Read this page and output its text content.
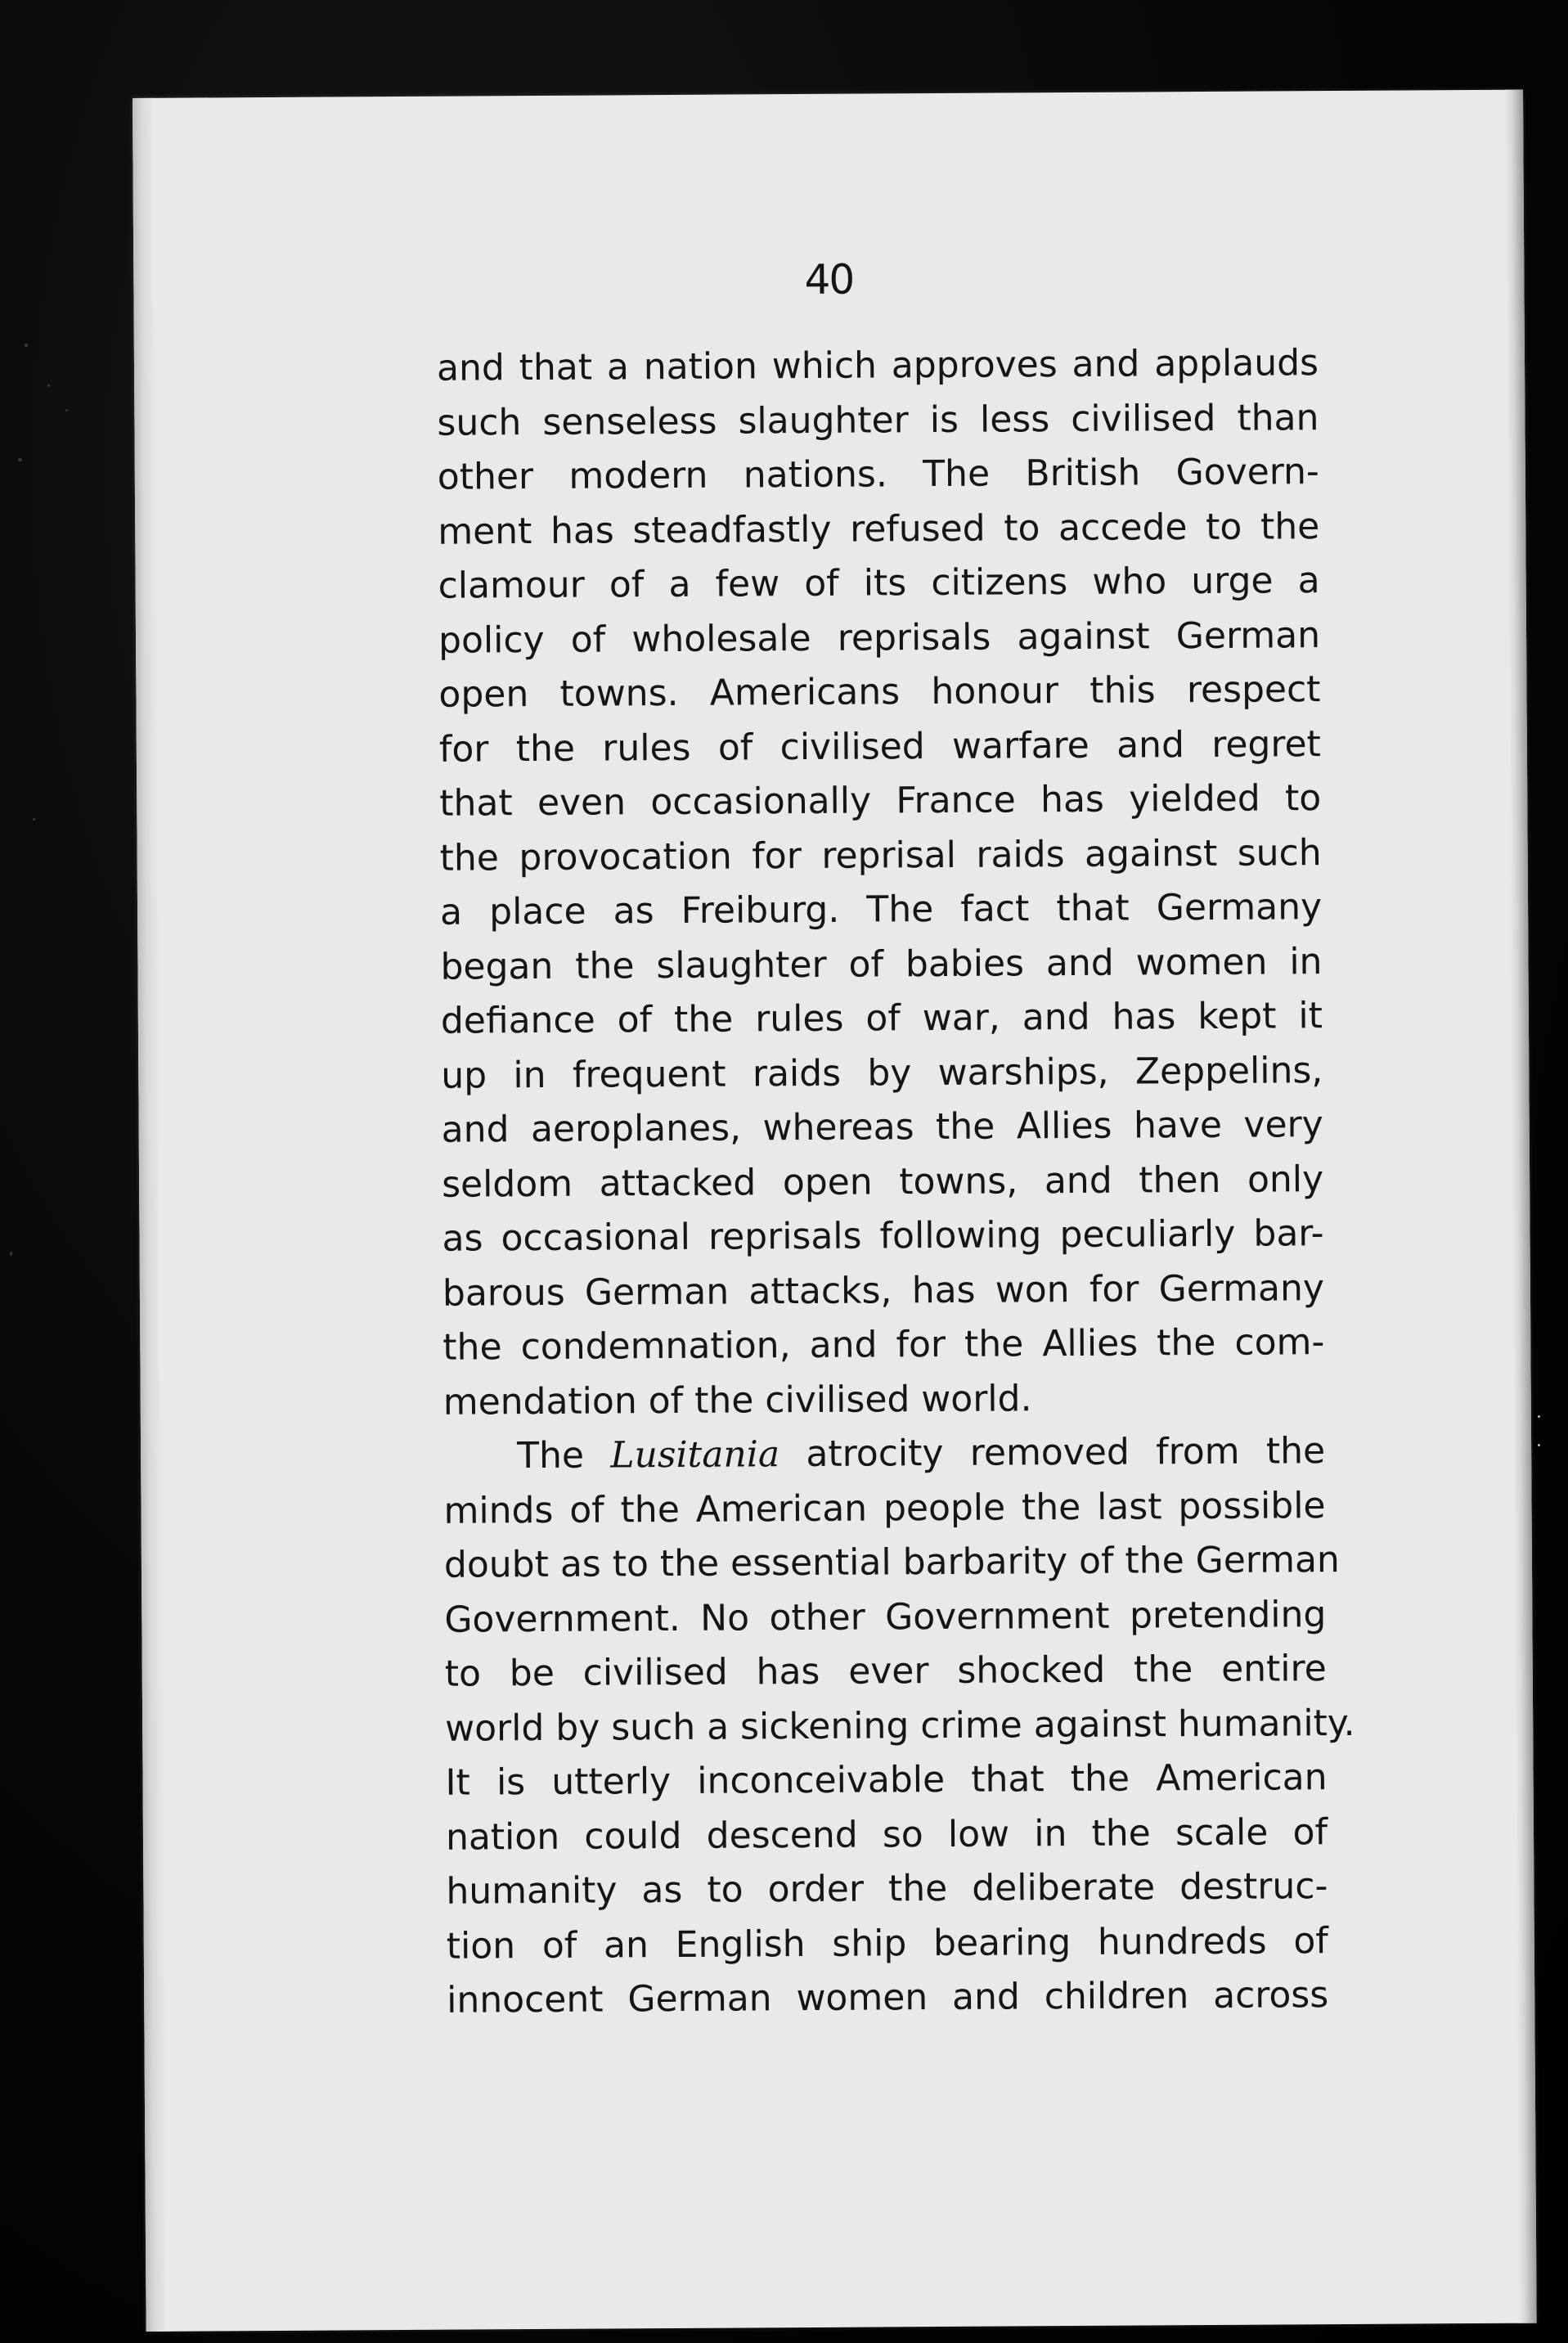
40
and that a nation which approves and applauds
such senseless slaughter is less civilised than
other modern nations. The British Govern-
ment has steadfastly refused to accede to the
clamour of a few of its citizens who urge a
policy of wholesale reprisals against German
open towns. Americans honour this respect
for the rules of civilised warfare and regret
that even occasionally France has yielded to
the provocation for reprisal raids against such
a place as Freiburg. The fact that Germany
began the slaughter of babies and women in
defiance of the rules of war, and has kept it
up in frequent raids by warships, Zeppelins,
and aeroplanes, whereas the Allies have very
seldom attacked open towns, and then only
as occasional reprisals following peculiarly bar-
barous German attacks, has won for Germany
the condemnation, and for the Allies the com-
mendation of the civilised world.
The Lusitania atrocity removed from the
minds of the American people the last possible
doubt as to the essential barbarity of the German
Government. No other Government pretending
to be civilised has ever shocked the entire
world by such a sickening crime against humanity.
It is utterly inconceivable that the American
nation could descend so low in the scale of
humanity as to order the deliberate destruc-
tion of an English ship bearing hundreds of
innocent German women and children across
